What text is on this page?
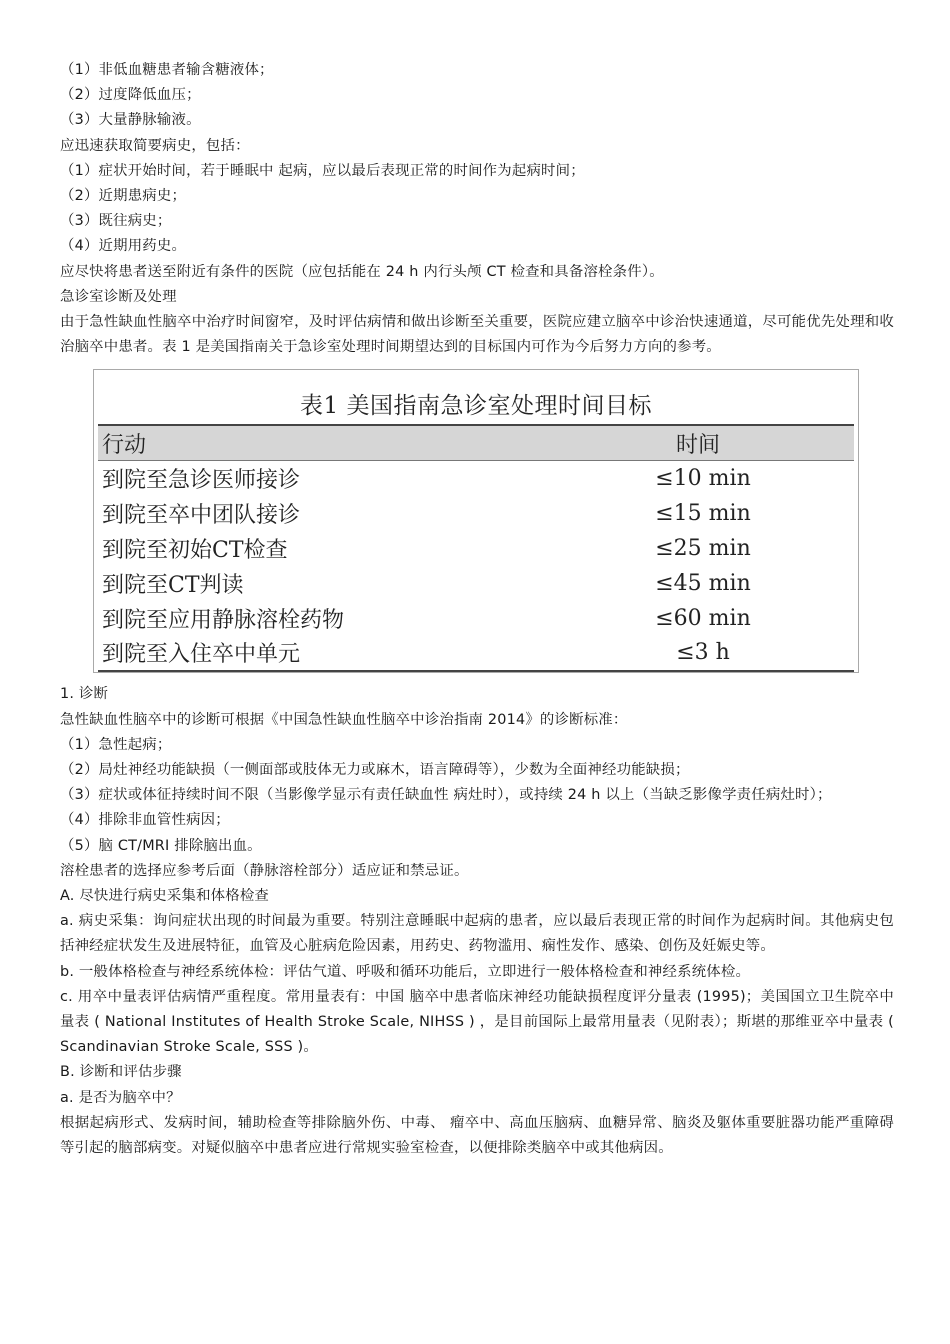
（1）非低血糖患者输含糖液体；
（2）过度降低血压；
（3）大量静脉输液。
应迅速获取简要病史，包括：
（1）症状开始时间，若于睡眠中 起病，应以最后表现正常的时间作为起病时间；
（2）近期患病史；
（3）既往病史；
（4）近期用药史。
应尽快将患者送至附近有条件的医院（应包括能在 24 h 内行头颅 CT 检查和具备溶栓条件）。
急诊室诊断及处理
由于急性缺血性脑卒中治疗时间窗窄，及时评估病情和做出诊断至关重要，医院应建立脑卒中诊治快速通道，尽可能优先处理和收治脑卒中患者。表 1 是美国指南关于急诊室处理时间期望达到的目标国内可作为今后努力方向的参考。
表1 美国指南急诊室处理时间目标
行动	时间
到院至急诊医师接诊	≤10 min
到院至卒中团队接诊	≤15 min
到院至初始CT检查	≤25 min
到院至CT判读	≤45 min
到院至应用静脉溶栓药物	≤60 min
到院至入住卒中单元	≤3 h
1. 诊断
急性缺血性脑卒中的诊断可根据《中国急性缺血性脑卒中诊治指南 2014》的诊断标准：
（1）急性起病；
（2）局灶神经功能缺损（一侧面部或肢体无力或麻木，语言障碍等），少数为全面神经功能缺损；
（3）症状或体征持续时间不限（当影像学显示有责任缺血性 病灶时），或持续 24 h 以上（当缺乏影像学责任病灶时）；
（4）排除非血管性病因；
（5）脑 CT/MRI 排除脑出血。
溶栓患者的选择应参考后面（静脉溶栓部分）适应证和禁忌证。
A. 尽快进行病史采集和体格检查
a. 病史采集：询问症状出现的时间最为重要。特别注意睡眠中起病的患者，应以最后表现正常的时间作为起病时间。其他病史包括神经症状发生及进展特征，血管及心脏病危险因素，用药史、药物滥用、痫性发作、感染、创伤及妊娠史等。
b. 一般体格检查与神经系统体检：评估气道、呼吸和循环功能后，立即进行一般体格检查和神经系统体检。
c. 用卒中量表评估病情严重程度。常用量表有：中国 脑卒中患者临床神经功能缺损程度评分量表 (1995)；美国国立卫生院卒中量表 ( National Institutes of Health Stroke Scale, NIHSS ) ，是目前国际上最常用量表（见附表）；斯堪的那维亚卒中量表 ( Scandinavian Stroke Scale, SSS )。
B. 诊断和评估步骤
a. 是否为脑卒中？
根据起病形式、发病时间，辅助检查等排除脑外伤、中毒、 瘤卒中、高血压脑病、血糖异常、脑炎及躯体重要脏器功能严重障碍等引起的脑部病变。对疑似脑卒中患者应进行常规实验室检查，以便排除类脑卒中或其他病因。
